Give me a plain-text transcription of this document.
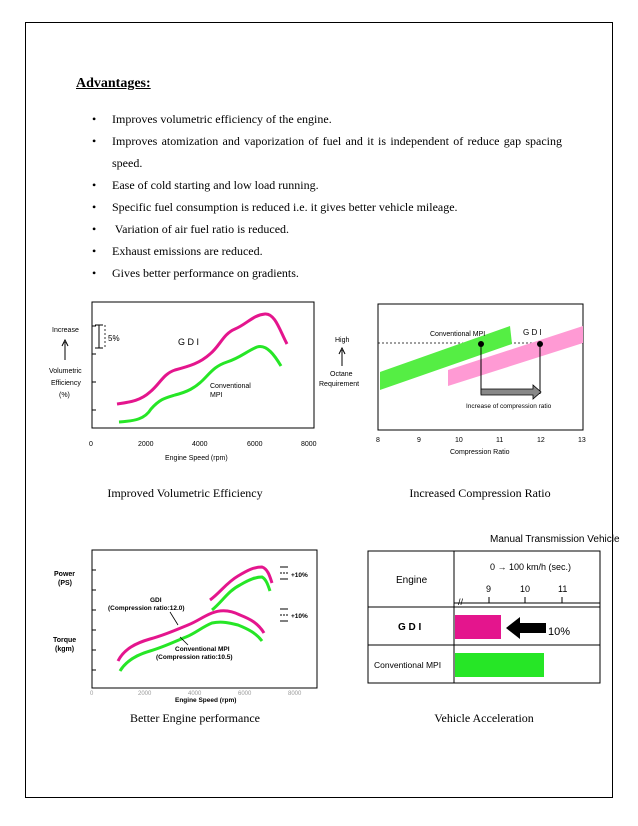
Advantages:
• Improves volumetric efficiency of the engine.
• Improves atomization and vaporization of fuel and it is independent of reduce gap spacing speed.
• Ease of cold starting and low load running.
• Specific fuel consumption is reduced i.e. it gives better vehicle mileage.
•  Variation of air fuel ratio is reduced.
• Exhaust emissions are reduced.
• Gives better performance on gradients.
5%
Increase
Volumetric
Efficiency
(%)
G D I
Conventional
MPI
0	2000	4000	6000	8000
Engine Speed (rpm)
Increase of compression ratio
Conventional MPI	G D I
High
Octane
Requirement
8	9	10	11	12	13
Compression Ratio
Improved Volumetric Efficiency	Increased Compression Ratio
Power
(PS)
Torque
(kgm)
GDI
(Compression ratio:12.0)
Conventional MPI
(Compression ratio:10.5)
+10%
+10%
0	2000	4000	6000	8000
Engine Speed (rpm)
Manual Transmission Vehicle
0 → 100 km/h (sec.)
Engine
9	10	11
//
G D I	10%
Conventional MPI
Better Engine performance	Vehicle Acceleration
